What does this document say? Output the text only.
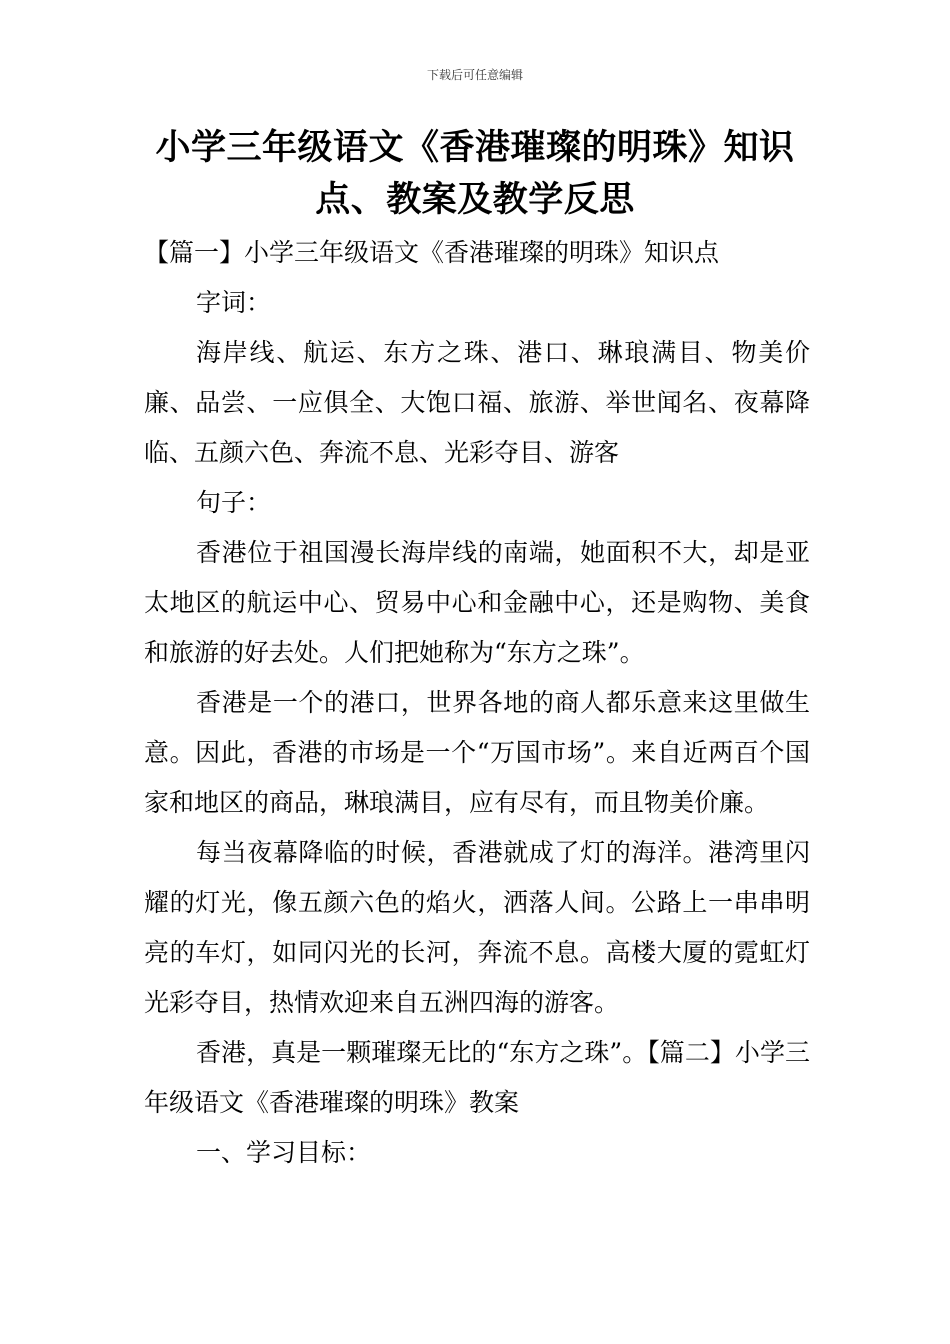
下载后可任意编辑
小学三年级语文《香港璀璨的明珠》知识点、教案及教学反思

【篇一】小学三年级语文《香港璀璨的明珠》知识点

字词：

海岸线、航运、东方之珠、港口、琳琅满目、物美价廉、品尝、一应俱全、大饱口福、旅游、举世闻名、夜幕降临、五颜六色、奔流不息、光彩夺目、游客

句子：

香港位于祖国漫长海岸线的南端，她面积不大，却是亚太地区的航运中心、贸易中心和金融中心，还是购物、美食和旅游的好去处。人们把她称为“东方之珠”。

香港是一个的港口，世界各地的商人都乐意来这里做生意。因此，香港的市场是一个“万国市场”。来自近两百个国家和地区的商品，琳琅满目，应有尽有，而且物美价廉。

每当夜幕降临的时候，香港就成了灯的海洋。港湾里闪耀的灯光，像五颜六色的焰火，洒落人间。公路上一串串明亮的车灯，如同闪光的长河，奔流不息。高楼大厦的霓虹灯光彩夺目，热情欢迎来自五洲四海的游客。

香港，真是一颗璀璨无比的“东方之珠”。【篇二】小学三年级语文《香港璀璨的明珠》教案

一、学习目标：
